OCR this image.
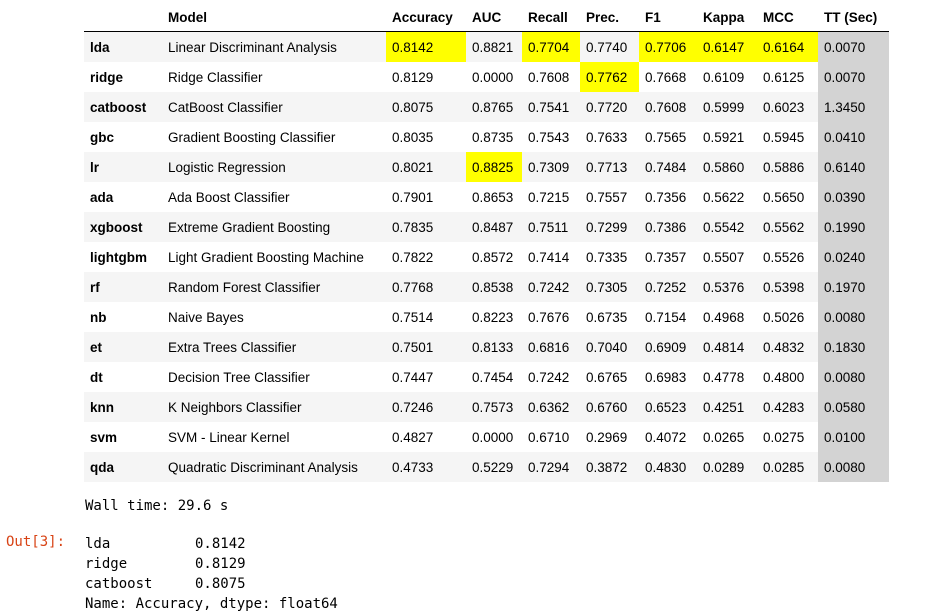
	Model	Accuracy	AUC	Recall	Prec.	F1	Kappa	MCC	TT (Sec)
lda	Linear Discriminant Analysis	0.8142	0.8821	0.7704	0.7740	0.7706	0.6147	0.6164	0.0070
ridge	Ridge Classifier	0.8129	0.0000	0.7608	0.7762	0.7668	0.6109	0.6125	0.0070
catboost	CatBoost Classifier	0.8075	0.8765	0.7541	0.7720	0.7608	0.5999	0.6023	1.3450
gbc	Gradient Boosting Classifier	0.8035	0.8735	0.7543	0.7633	0.7565	0.5921	0.5945	0.0410
lr	Logistic Regression	0.8021	0.8825	0.7309	0.7713	0.7484	0.5860	0.5886	0.6140
ada	Ada Boost Classifier	0.7901	0.8653	0.7215	0.7557	0.7356	0.5622	0.5650	0.0390
xgboost	Extreme Gradient Boosting	0.7835	0.8487	0.7511	0.7299	0.7386	0.5542	0.5562	0.1990
lightgbm	Light Gradient Boosting Machine	0.7822	0.8572	0.7414	0.7335	0.7357	0.5507	0.5526	0.0240
rf	Random Forest Classifier	0.7768	0.8538	0.7242	0.7305	0.7252	0.5376	0.5398	0.1970
nb	Naive Bayes	0.7514	0.8223	0.7676	0.6735	0.7154	0.4968	0.5026	0.0080
et	Extra Trees Classifier	0.7501	0.8133	0.6816	0.7040	0.6909	0.4814	0.4832	0.1830
dt	Decision Tree Classifier	0.7447	0.7454	0.7242	0.6765	0.6983	0.4778	0.4800	0.0080
knn	K Neighbors Classifier	0.7246	0.7573	0.6362	0.6760	0.6523	0.4251	0.4283	0.0580
svm	SVM - Linear Kernel	0.4827	0.0000	0.6710	0.2969	0.4072	0.0265	0.0275	0.0100
qda	Quadratic Discriminant Analysis	0.4733	0.5229	0.7294	0.3872	0.4830	0.0289	0.0285	0.0080
Wall time: 29.6 s
Out[3]: lda	0.8142
ridge	0.8129
catboost	0.8075
Name: Accuracy, dtype: float64
